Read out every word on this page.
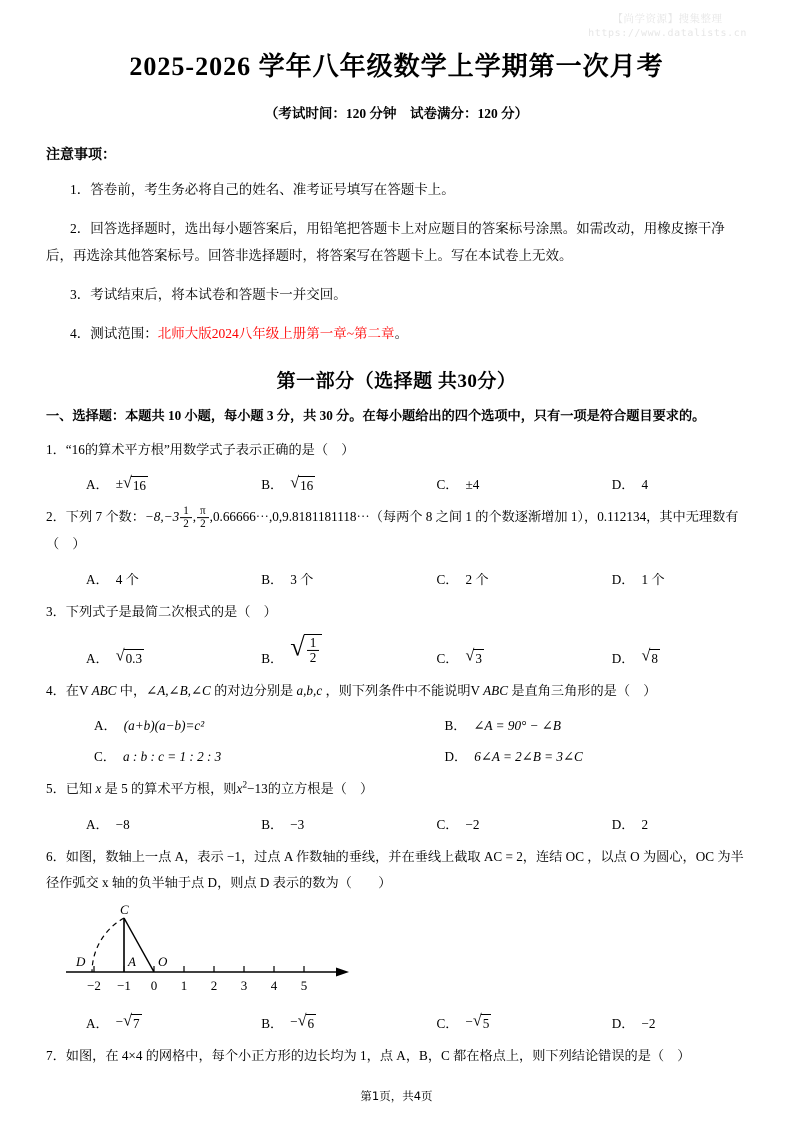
【尚学资源】搜集整理
https://www.datalists.cn
2025-2026 学年八年级数学上学期第一次月考
（考试时间：120 分钟　试卷满分：120 分）
注意事项：

1．答卷前，考生务必将自己的姓名、准考证号填写在答题卡上。

2．回答选择题时，选出每小题答案后，用铅笔把答题卡上对应题目的答案标号涂黑。如需改动，用橡皮擦干净后，再选涂其他答案标号。回答非选择题时，将答案写在答题卡上。写在本试卷上无效。

3．考试结束后，将本试卷和答题卡一并交回。

4．测试范围：北师大版2024八年级上册第一章~第二章。

第一部分（选择题 共30分）
一、选择题：本题共 10 小题，每小题 3 分，共 30 分。在每小题给出的四个选项中，只有一项是符合题目要求的。
1．“16的算术平方根”用数学式子表示正确的是（　）
A． ± √ 16	B． √ 16	C． ±4	D． 4
2．下列 7 个数：$-8,-3 \frac{1}{2}$ , $\frac{\pi}{2}$ ,0.66666⋯,0,9.8181181118⋯（每两个 8 之间 1 的个数逐渐增加 1），0.112134，其中无理数有（　）
A． 4 个	B． 3 个	C． 2 个	D． 1 个
3．下列式子是最简二次根式的是（　）
A． √ 0.3	B． √ $\frac{1}{2}$	C． √ 3	D． √ 8
4．在V ABC 中，∠A,∠B,∠C 的对边分别是 a,b,c ，则下列条件中不能说明V ABC 是直角三角形的是（　）
A． (a+b)(a−b)=c²	B． ∠A = 90° − ∠B
C． a : b : c = 1 : 2 : 3	D． 6∠A = 2∠B = 3∠C
5．已知 x 是 5 的算术平方根，则$x^2-13$的立方根是（　）
A． −8	B． −3	C． −2	D． 2
6．如图，数轴上一点 A，表示 −1，过点 A 作数轴的垂线，并在垂线上截取 AC = 2，连结 OC ，以点 O 为圆心，OC 为半径作弧交 x 轴的负半轴于点 D，则点 D 表示的数为（　　）
C
D	A O
−2 −1 0 1 2 3 4 5
A． − √ 7	B． − √ 6	C． − √ 5	D． −2
7．如图，在 4×4 的网格中，每个小正方形的边长均为 1，点 A，B，C 都在格点上，则下列结论错误的是（　）
第1页，共4页
